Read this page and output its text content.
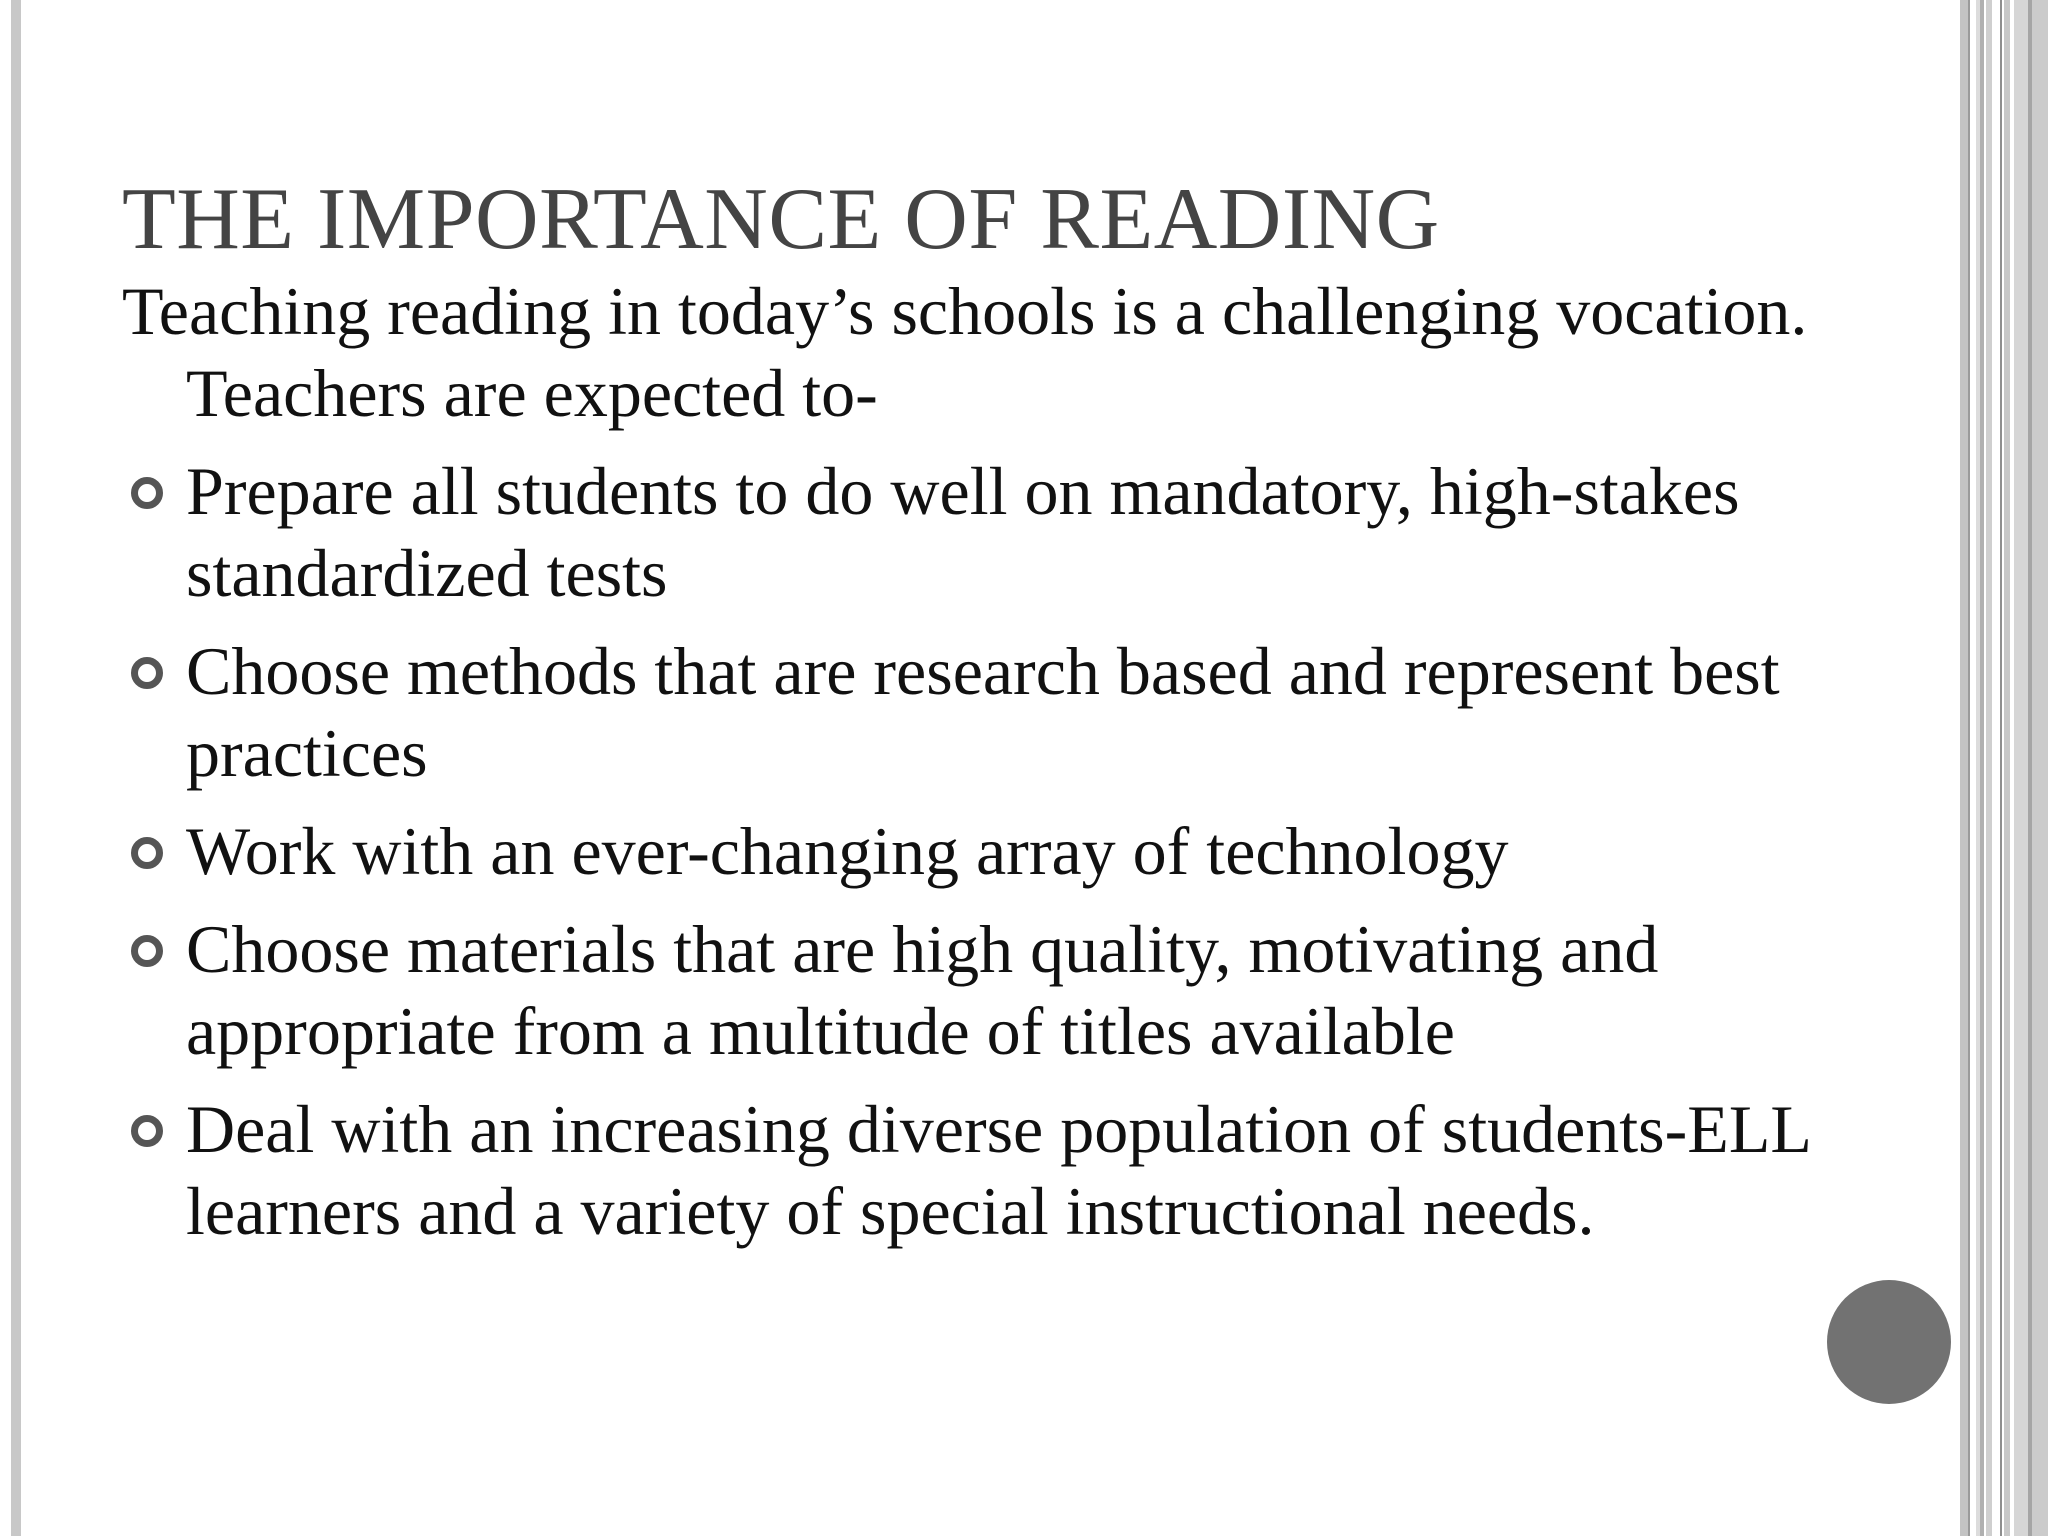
THE IMPORTANCE OF READING

Teaching reading in today’s schools is a challenging vocation. Teachers are expected to-

Prepare all students to do well on mandatory, high-stakes standardized tests
Choose methods that are research based and represent best practices
Work with an ever-changing array of technology
Choose materials that are high quality, motivating and appropriate from a multitude of titles available
Deal with an increasing diverse population of students-ELL learners and a variety of special instructional needs.
